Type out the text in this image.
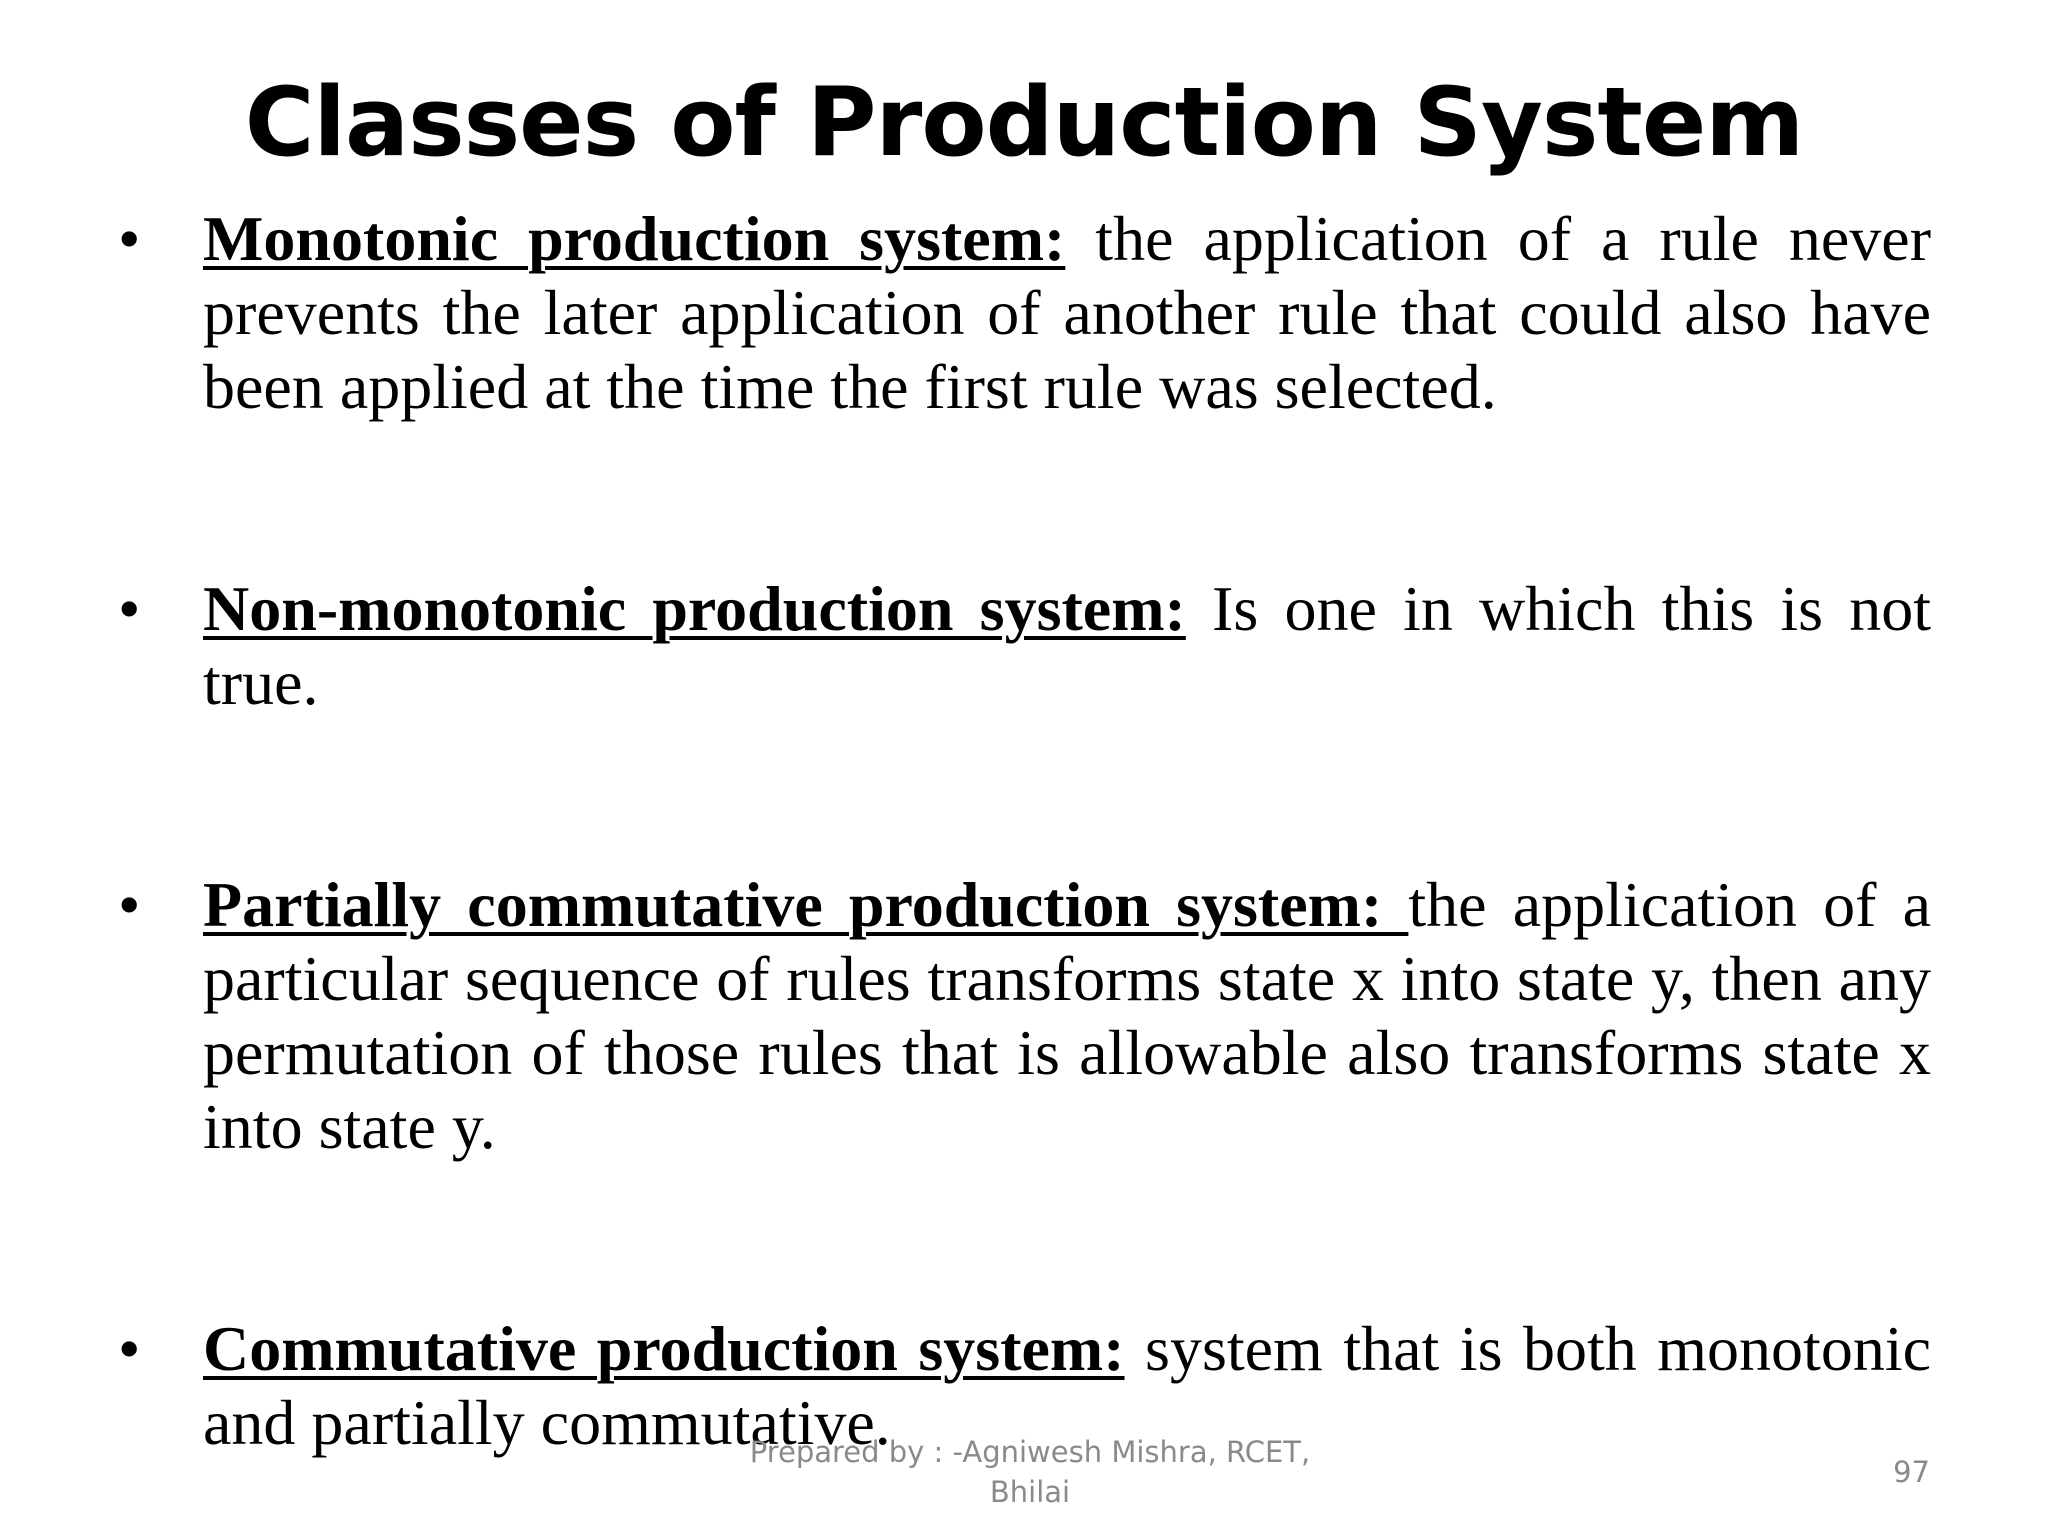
Classes of Production System
• Monotonic production system: the application of a rule never prevents the later application of another rule that could also have been applied at the time the first rule was selected.
• Non-monotonic production system: Is one in which this is not true.
• Partially commutative production system: the application of a particular sequence of rules transforms state x into state y, then any permutation of those rules that is allowable also transforms state x into state y.
• Commutative production system: system that is both monotonic and partially commutative.
Prepared by : -Agniwesh Mishra, RCET, Bhilai
97
